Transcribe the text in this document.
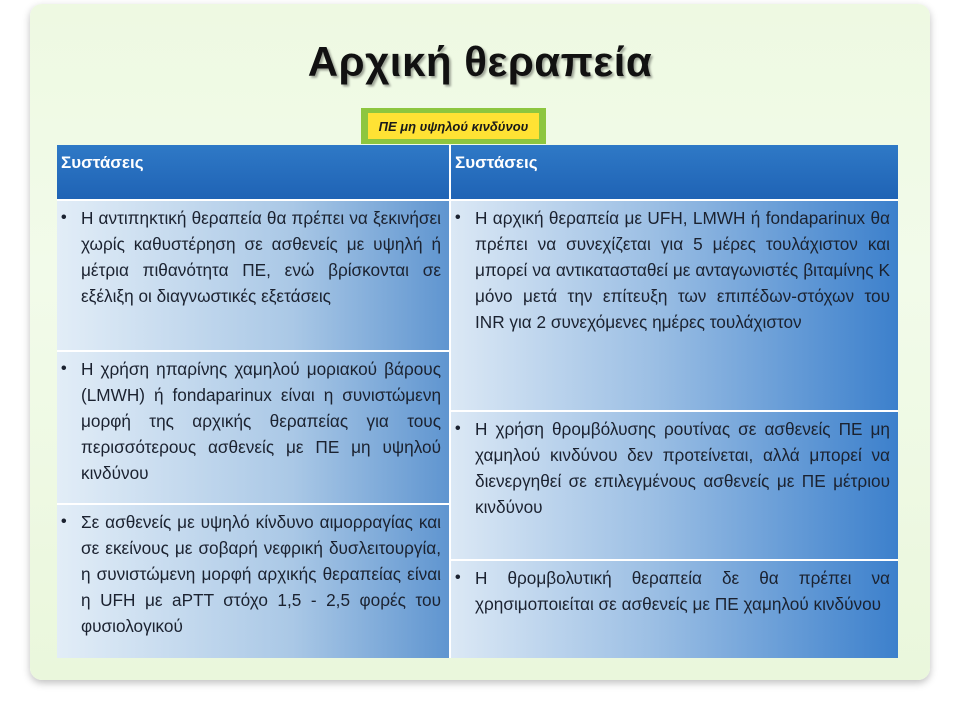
Αρχική θεραπεία
ΠΕ μη υψηλού κινδύνου
Συστάσεις
• Η αντιπηκτική θεραπεία θα πρέπει να ξεκινήσει χωρίς καθυστέρηση σε ασθενείς με υψηλή ή μέτρια πιθανότητα ΠΕ, ενώ βρίσκονται σε εξέλιξη οι διαγνωστικές εξετάσεις
• Η χρήση ηπαρίνης χαμηλού μοριακού βάρους (LMWH) ή fondaparinux είναι η συνιστώμενη μορφή της αρχικής θεραπείας για τους περισσότερους ασθενείς με ΠΕ μη υψηλού κινδύνου
• Σε ασθενείς με υψηλό κίνδυνο αιμορραγίας και σε εκείνους με σοβαρή νεφρική δυσλειτουργία, η συνιστώμενη μορφή αρχικής θεραπείας είναι η UFH με aPTT στόχο 1,5 - 2,5 φορές του φυσιολογικού
Συστάσεις
• Η αρχική θεραπεία με UFH, LMWH ή fondaparinux θα πρέπει να συνεχίζεται για 5 μέρες τουλάχιστον και μπορεί να αντικατασταθεί με ανταγωνιστές βιταμίνης Κ μόνο μετά την επίτευξη των επιπέδων-στόχων του INR για 2 συνεχόμενες ημέρες τουλάχιστον
• Η χρήση θρομβόλυσης ρουτίνας σε ασθενείς ΠΕ μη χαμηλού κινδύνου δεν προτείνεται, αλλά μπορεί να διενεργηθεί σε επιλεγμένους ασθενείς με ΠΕ μέτριου κινδύνου
• Η θρομβολυτική θεραπεία δε θα πρέπει να χρησιμοποιείται σε ασθενείς με ΠΕ χαμηλού κινδύνου
